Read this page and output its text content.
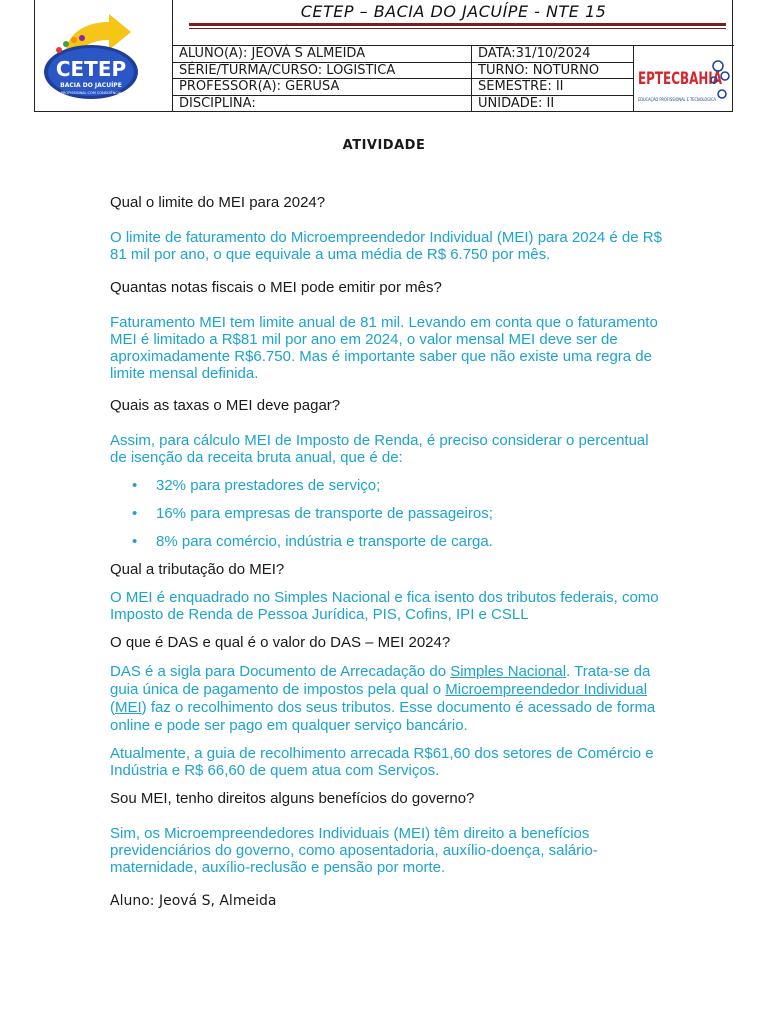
CETEP
BACIA DO JACUÍPE
PROFISSIONAL COM CONSCIÊNCIA
CETEP – BACIA DO JACUÍPE - NTE 15
ALUNO(A): JEOVÁ S ALMEIDA	DATA:31/10/2024
SÉRIE/TURMA/CURSO: LOGISTICA	TURNO: NOTURNO
PROFESSOR(A): GERUSA	SEMESTRE: II
DISCIPLINA:	UNIDADE: II
EPTECBAHIA
EDUCAÇÃO PROFISSIONAL E TECNOLÓGICA
ATIVIDADE
Qual o limite do MEI para 2024?
O limite de faturamento do Microempreendedor Individual (MEI) para 2024 é de R$ 81 mil por ano, o que equivale a uma média de R$ 6.750 por mês.
Quantas notas fiscais o MEI pode emitir por mês?
Faturamento MEI tem limite anual de 81 mil. Levando em conta que o faturamento MEI é limitado a R$81 mil por ano em 2024, o valor mensal MEI deve ser de aproximadamente R$6.750. Mas é importante saber que não existe uma regra de limite mensal definida.
Quais as taxas o MEI deve pagar?
Assim, para cálculo MEI de Imposto de Renda, é preciso considerar o percentual de isenção da receita bruta anual, que é de:
•	32% para prestadores de serviço;
•	16% para empresas de transporte de passageiros;
•	8% para comércio, indústria e transporte de carga.
Qual a tributação do MEI?
O MEI é enquadrado no Simples Nacional e fica isento dos tributos federais, como Imposto de Renda de Pessoa Jurídica, PIS, Cofins, IPI e CSLL
O que é DAS e qual é o valor do DAS – MEI 2024?
DAS é a sigla para Documento de Arrecadação do Simples Nacional. Trata-se da guia única de pagamento de impostos pela qual o Microempreendedor Individual (MEI) faz o recolhimento dos seus tributos. Esse documento é acessado de forma online e pode ser pago em qualquer serviço bancário.
Atualmente, a guia de recolhimento arrecada R$61,60 dos setores de Comércio e Indústria e R$ 66,60 de quem atua com Serviços.
Sou MEI, tenho direitos alguns benefícios do governo?
Sim, os Microempreendedores Individuais (MEI) têm direito a benefícios previdenciários do governo, como aposentadoria, auxílio-doença, salário-maternidade, auxílio-reclusão e pensão por morte.
Aluno: Jeová S, Almeida
